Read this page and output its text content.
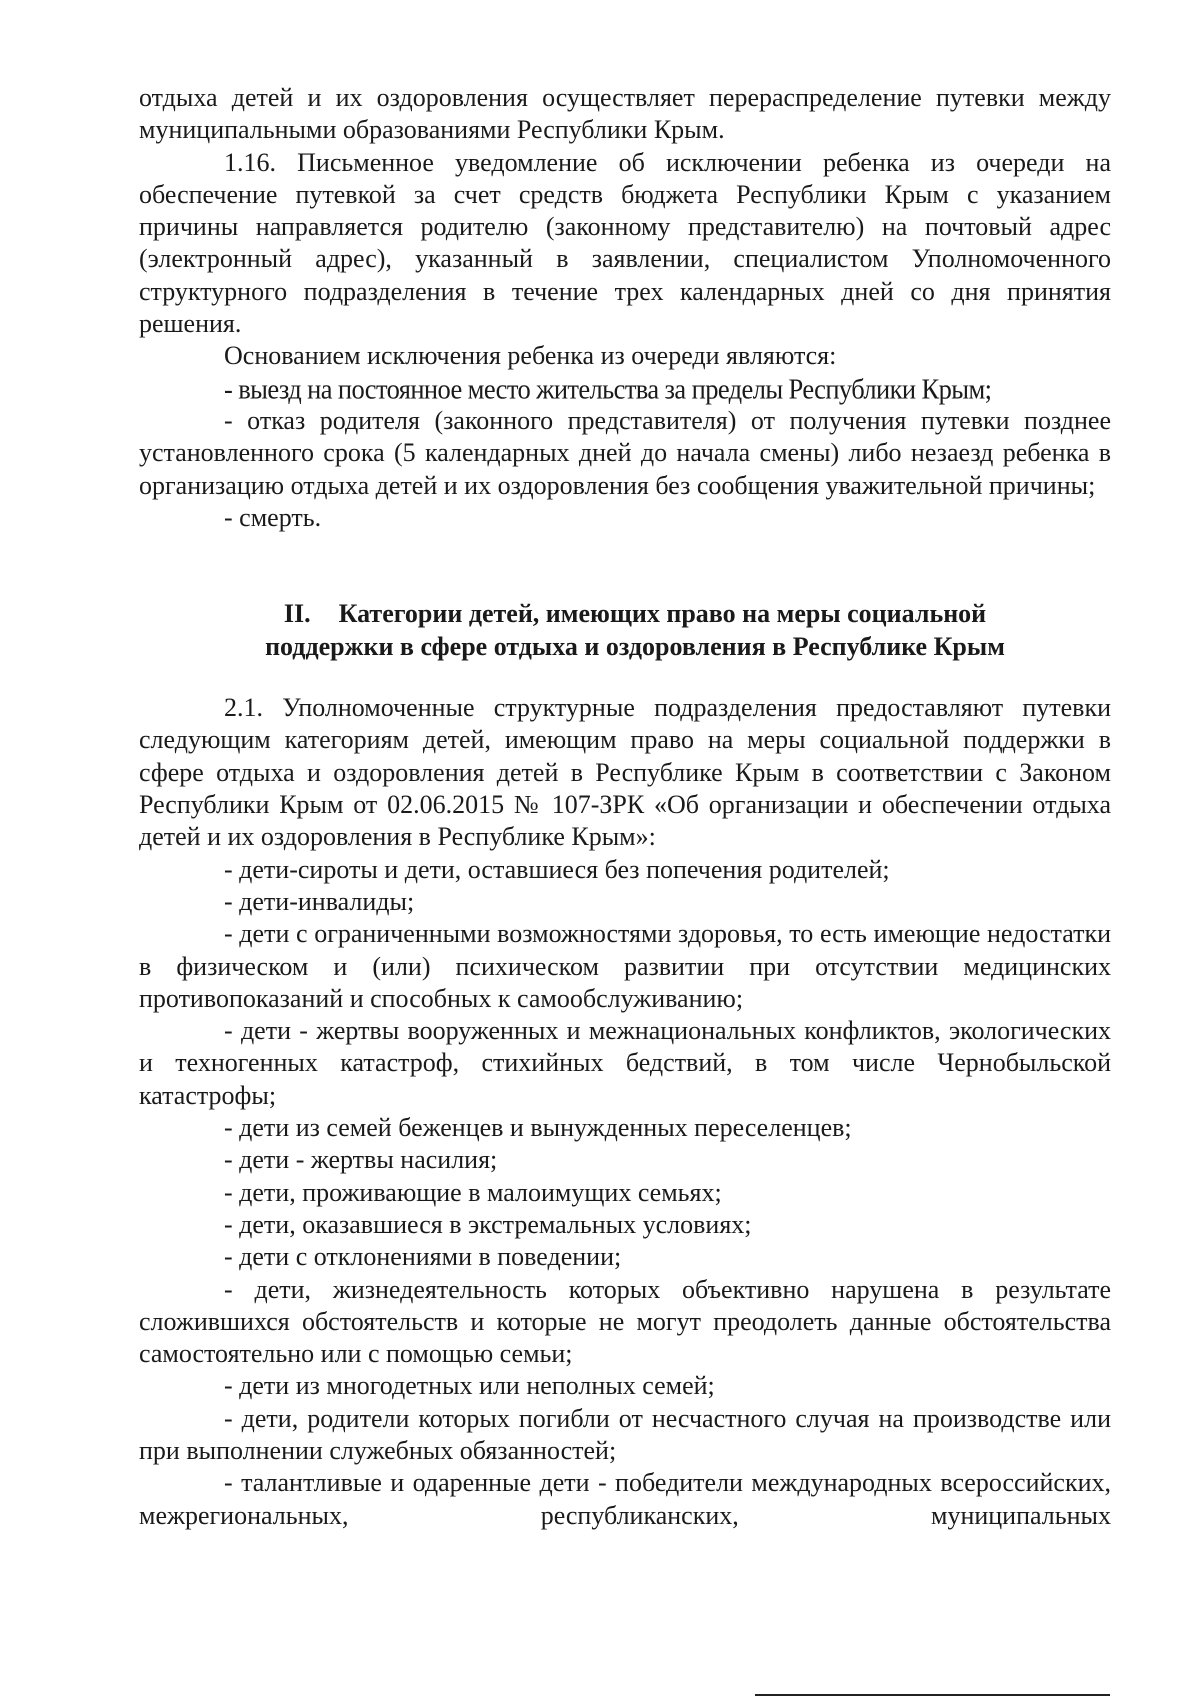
отдыха детей и их оздоровления осуществляет перераспределение путевки между муниципальными образованиями Республики Крым.

1.16. Письменное уведомление об исключении ребенка из очереди на обеспечение путевкой за счет средств бюджета Республики Крым с указанием причины направляется родителю (законному представителю) на почтовый адрес (электронный адрес), указанный в заявлении, специалистом Уполномоченного структурного подразделения в течение трех календарных дней со дня принятия решения.

Основанием исключения ребенка из очереди являются:

- выезд на постоянное место жительства за пределы Республики Крым;

- отказ родителя (законного представителя) от получения путевки позднее установленного срока (5 календарных дней до начала смены) либо незаезд ребенка в организацию отдыха детей и их оздоровления без сообщения уважительной причины;

- смерть.

II. Категории детей, имеющих право на меры социальной
поддержки в сфере отдыха и оздоровления в Республике Крым

2.1. Уполномоченные структурные подразделения предоставляют путевки следующим категориям детей, имеющим право на меры социальной поддержки в сфере отдыха и оздоровления детей в Республике Крым в соответствии с Законом Республики Крым от 02.06.2015 № 107-ЗРК «Об организации и обеспечении отдыха детей и их оздоровления в Республике Крым»:

- дети-сироты и дети, оставшиеся без попечения родителей;

- дети-инвалиды;

- дети с ограниченными возможностями здоровья, то есть имеющие недостатки в физическом и (или) психическом развитии при отсутствии медицинских противопоказаний и способных к самообслуживанию;

- дети - жертвы вооруженных и межнациональных конфликтов, экологических и техногенных катастроф, стихийных бедствий, в том числе Чернобыльской катастрофы;

- дети из семей беженцев и вынужденных переселенцев;

- дети - жертвы насилия;

- дети, проживающие в малоимущих семьях;

- дети, оказавшиеся в экстремальных условиях;

- дети с отклонениями в поведении;

- дети, жизнедеятельность которых объективно нарушена в результате сложившихся обстоятельств и которые не могут преодолеть данные обстоятельства самостоятельно или с помощью семьи;

- дети из многодетных или неполных семей;

- дети, родители которых погибли от несчастного случая на производстве или при выполнении служебных обязанностей;

- талантливые и одаренные дети - победители международных всероссийских, межрегиональных, республиканских, муниципальных
